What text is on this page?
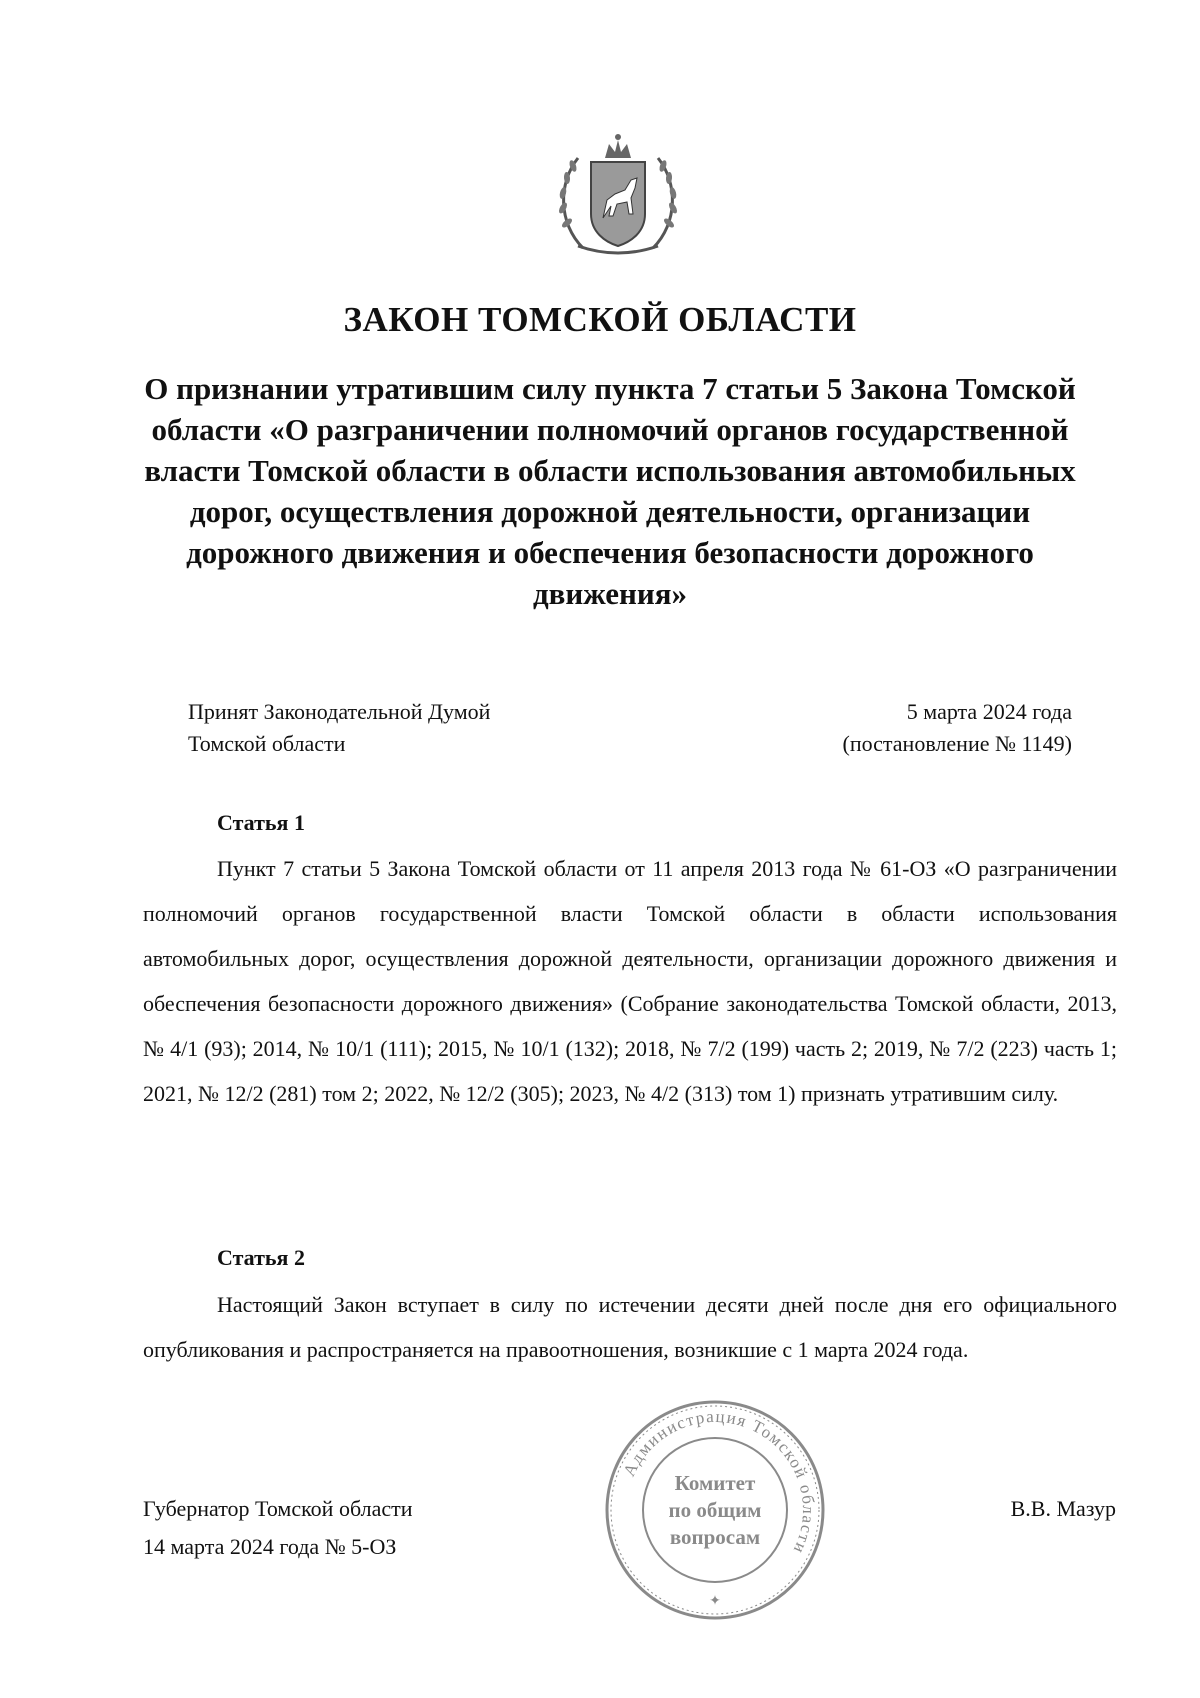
ЗАКОН ТОМСКОЙ ОБЛАСТИ

О признании утратившим силу пункта 7 статьи 5 Закона Томской области «О разграничении полномочий органов государственной власти Томской области в области использования автомобильных дорог, осуществления дорожной деятельности, организации дорожного движения и обеспечения безопасности дорожного движения»

Принят Законодательной Думой
Томской области
5 марта 2024 года
(постановление № 1149)
Статья 1

Пункт 7 статьи 5 Закона Томской области от 11 апреля 2013 года № 61-ОЗ «О разграничении полномочий органов государственной власти Томской области в области использования автомобильных дорог, осуществления дорожной деятельности, организации дорожного движения и обеспечения безопасности дорожного движения» (Собрание законодательства Томской области, 2013, № 4/1 (93); 2014, № 10/1 (111); 2015, № 10/1 (132); 2018, № 7/2 (199) часть 2; 2019, № 7/2 (223) часть 1; 2021, № 12/2 (281) том 2; 2022, № 12/2 (305); 2023, № 4/2 (313) том 1) признать утратившим силу.

Статья 2

Настоящий Закон вступает в силу по истечении десяти дней после дня его официального опубликования и распространяется на правоотношения, возникшие с 1 марта 2024 года.

Губернатор Томской области
14 марта 2024 года № 5-ОЗ
В.В. Мазур
Администрация Томской области
Комитет
по общим
вопросам
✦
